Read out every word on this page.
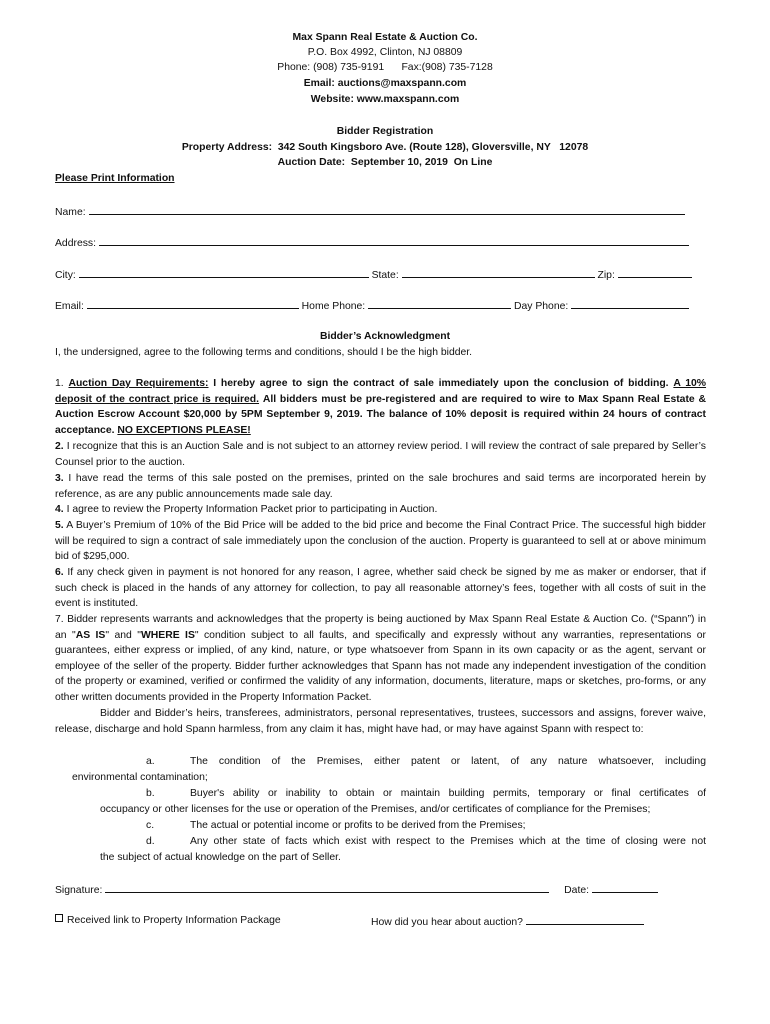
Max Spann Real Estate & Auction Co.
P.O. Box 4992, Clinton, NJ 08809
Phone: (908) 735-9191      Fax:(908) 735-7128
Email: auctions@maxspann.com
Website: www.maxspann.com
Bidder Registration
Property Address:  342 South Kingsboro Ave. (Route 128), Gloversville, NY   12078
Auction Date:  September 10, 2019  On Line
Please Print Information
Name:
Address:
City:	State:	Zip:
Email:	Home Phone:	Day Phone:
Bidder’s Acknowledgment
I, the undersigned, agree to the following terms and conditions, should I be the high bidder.
1. Auction Day Requirements: I hereby agree to sign the contract of sale immediately upon the conclusion of bidding. A 10% deposit of the contract price is required. All bidders must be pre-registered and are required to wire to Max Spann Real Estate & Auction Escrow Account $20,000 by 5PM September 9, 2019. The balance of 10% deposit is required within 24 hours of contract acceptance. NO EXCEPTIONS PLEASE!
2. I recognize that this is an Auction Sale and is not subject to an attorney review period. I will review the contract of sale prepared by Seller’s Counsel prior to the auction.
3. I have read the terms of this sale posted on the premises, printed on the sale brochures and said terms are incorporated herein by reference, as are any public announcements made sale day.
4. I agree to review the Property Information Packet prior to participating in Auction.
5. A Buyer’s Premium of 10% of the Bid Price will be added to the bid price and become the Final Contract Price. The successful high bidder will be required to sign a contract of sale immediately upon the conclusion of the auction. Property is guaranteed to sell at or above minimum bid of $295,000.
6. If any check given in payment is not honored for any reason, I agree, whether said check be signed by me as maker or endorser, that if such check is placed in the hands of any attorney for collection, to pay all reasonable attorney’s fees, together with all costs of suit in the event is instituted.
7. Bidder represents warrants and acknowledges that the property is being auctioned by Max Spann Real Estate & Auction Co. (“Spann”) in an "AS IS" and "WHERE IS" condition subject to all faults, and specifically and expressly without any warranties, representations or guarantees, either express or implied, of any kind, nature, or type whatsoever from Spann in its own capacity or as the agent, servant or employee of the seller of the property. Bidder further acknowledges that Spann has not made any independent investigation of the condition of the property or examined, verified or confirmed the validity of any information, documents, literature, maps or sketches, pro-forms, or any other written documents provided in the Property Information Packet.
Bidder and Bidder’s heirs, transferees, administrators, personal representatives, trustees, successors and assigns, forever waive, release, discharge and hold Spann harmless, from any claim it has, might have had, or may have against Spann with respect to:
a.	The condition of the Premises, either patent or latent, of any nature whatsoever, including
environmental contamination;
b.	Buyer's ability or inability to obtain or maintain building permits, temporary or final certificates of
occupancy or other licenses for the use or operation of the Premises, and/or certificates of compliance for the Premises;
c.	The actual or potential income or profits to be derived from the Premises;
d.	Any other state of facts which exist with respect to the Premises which at the time of closing were not
the subject of actual knowledge on the part of Seller.
Signature:	Date:
Received link to Property Information Package	How did you hear about auction?
